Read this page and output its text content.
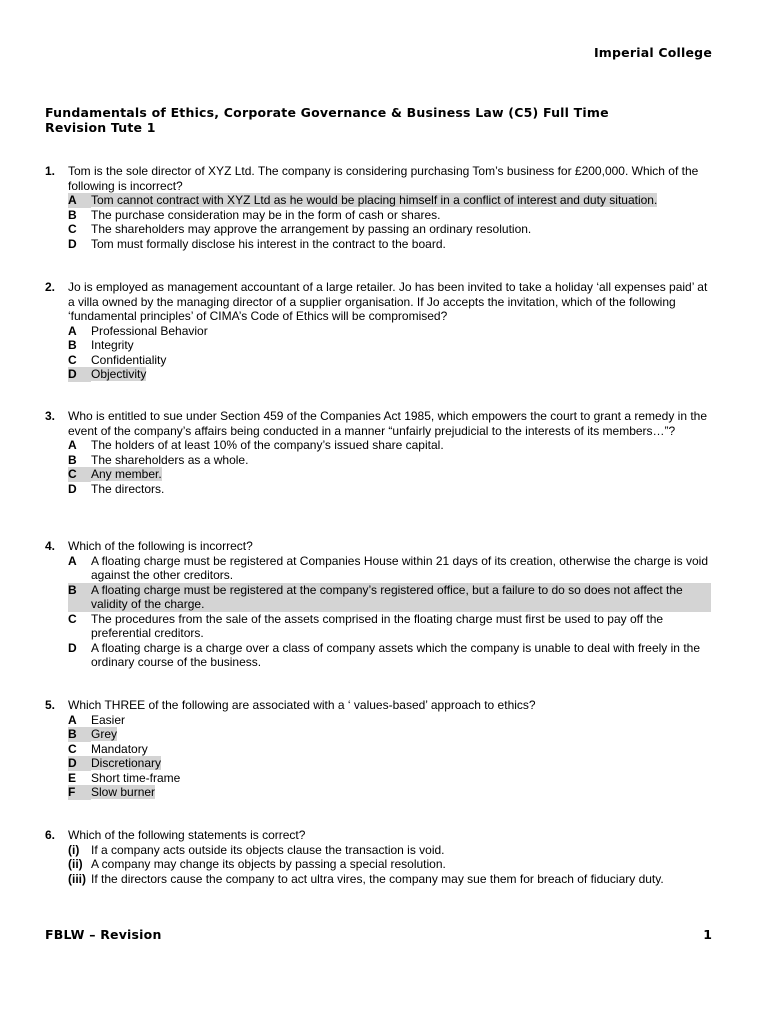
Imperial College
Fundamentals of Ethics, Corporate Governance & Business Law (C5) Full Time
Revision Tute 1
1.	Tom is the sole director of XYZ Ltd. The company is considering purchasing Tom’s business for £200,000. Which of the following is incorrect?
A	Tom cannot contract with XYZ Ltd as he would be placing himself in a conflict of interest and duty situation.
B	The purchase consideration may be in the form of cash or shares.
C	The shareholders may approve the arrangement by passing an ordinary resolution.
D	Tom must formally disclose his interest in the contract to the board.
2.	Jo is employed as management accountant of a large retailer. Jo has been invited to take a holiday ‘all expenses paid’ at a villa owned by the managing director of a supplier organisation. If Jo accepts the invitation, which of the following ‘fundamental principles’ of CIMA’s Code of Ethics will be compromised?
A	Professional Behavior
B	Integrity
C	Confidentiality
D	Objectivity
3.	Who is entitled to sue under Section 459 of the Companies Act 1985, which empowers the court to grant a remedy in the event of the company’s affairs being conducted in a manner “unfairly prejudicial to the interests of its members…”?
A	The holders of at least 10% of the company’s issued share capital.
B	The shareholders as a whole.
C	Any member.
D	The directors.
4.	Which of the following is incorrect?
A	A floating charge must be registered at Companies House within 21 days of its creation, otherwise the charge is void against the other creditors.
B	A floating charge must be registered at the company’s registered office, but a failure to do so does not affect the validity of the charge.
C	The procedures from the sale of the assets comprised in the floating charge must first be used to pay off the preferential creditors.
D	A floating charge is a charge over a class of company assets which the company is unable to deal with freely in the ordinary course of the business.
5.	Which THREE of the following are associated with a ‘ values-based’ approach to ethics?
A	Easier
B	Grey
C	Mandatory
D	Discretionary
E	Short time-frame
F	Slow burner
6.	Which of the following statements is correct?
(i) If a company acts outside its objects clause the transaction is void.
(ii) A company may change its objects by passing a special resolution.
(iii) If the directors cause the company to act ultra vires, the company may sue them for breach of fiduciary duty.
FBLW – Revision	1
